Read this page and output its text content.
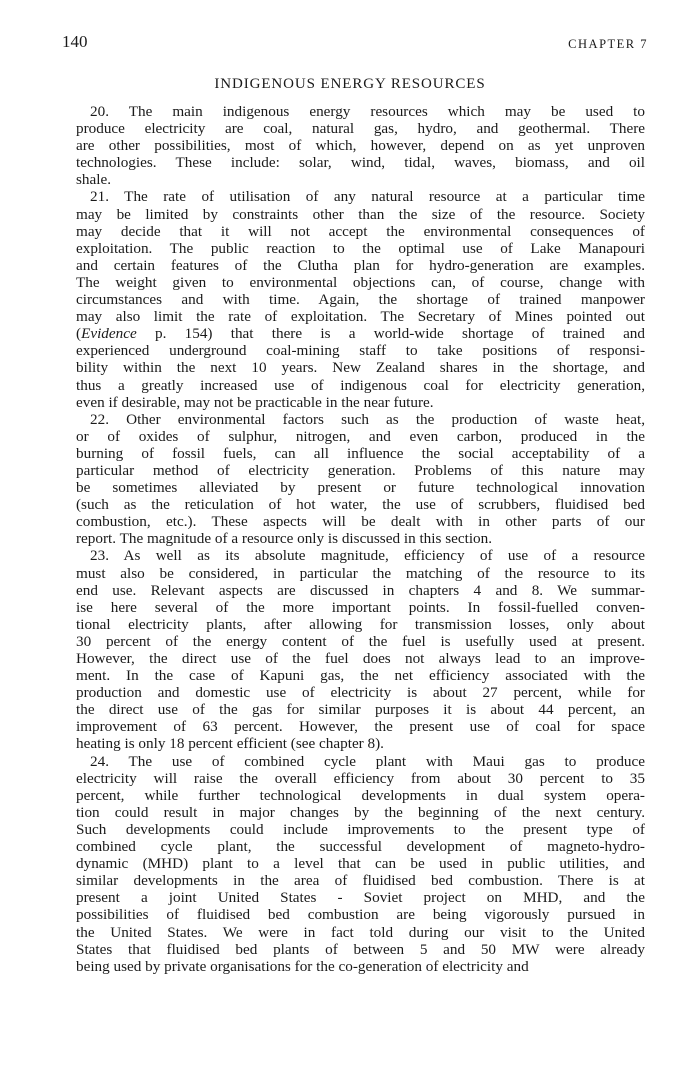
140	CHAPTER 7
INDIGENOUS ENERGY RESOURCES
20. The main indigenous energy resources which may be used to
produce electricity are coal, natural gas, hydro, and geothermal. There
are other possibilities, most of which, however, depend on as yet unproven
technologies. These include: solar, wind, tidal, waves, biomass, and oil
shale.
21. The rate of utilisation of any natural resource at a particular time
may be limited by constraints other than the size of the resource. Society
may decide that it will not accept the environmental consequences of
exploitation. The public reaction to the optimal use of Lake Manapouri
and certain features of the Clutha plan for hydro-generation are examples.
The weight given to environmental objections can, of course, change with
circumstances and with time. Again, the shortage of trained manpower
may also limit the rate of exploitation. The Secretary of Mines pointed out
(Evidence p. 154) that there is a world-wide shortage of trained and
experienced underground coal-mining staff to take positions of responsi-
bility within the next 10 years. New Zealand shares in the shortage, and
thus a greatly increased use of indigenous coal for electricity generation,
even if desirable, may not be practicable in the near future.
22. Other environmental factors such as the production of waste heat,
or of oxides of sulphur, nitrogen, and even carbon, produced in the
burning of fossil fuels, can all influence the social acceptability of a
particular method of electricity generation. Problems of this nature may
be sometimes alleviated by present or future technological innovation
(such as the reticulation of hot water, the use of scrubbers, fluidised bed
combustion, etc.). These aspects will be dealt with in other parts of our
report. The magnitude of a resource only is discussed in this section.
23. As well as its absolute magnitude, efficiency of use of a resource
must also be considered, in particular the matching of the resource to its
end use. Relevant aspects are discussed in chapters 4 and 8. We summar-
ise here several of the more important points. In fossil-fuelled conven-
tional electricity plants, after allowing for transmission losses, only about
30 percent of the energy content of the fuel is usefully used at present.
However, the direct use of the fuel does not always lead to an improve-
ment. In the case of Kapuni gas, the net efficiency associated with the
production and domestic use of electricity is about 27 percent, while for
the direct use of the gas for similar purposes it is about 44 percent, an
improvement of 63 percent. However, the present use of coal for space
heating is only 18 percent efficient (see chapter 8).
24. The use of combined cycle plant with Maui gas to produce
electricity will raise the overall efficiency from about 30 percent to 35
percent, while further technological developments in dual system opera-
tion could result in major changes by the beginning of the next century.
Such developments could include improvements to the present type of
combined cycle plant, the successful development of magneto-hydro-
dynamic (MHD) plant to a level that can be used in public utilities, and
similar developments in the area of fluidised bed combustion. There is at
present a joint United States - Soviet project on MHD, and the
possibilities of fluidised bed combustion are being vigorously pursued in
the United States. We were in fact told during our visit to the United
States that fluidised bed plants of between 5 and 50 MW were already
being used by private organisations for the co-generation of electricity and
